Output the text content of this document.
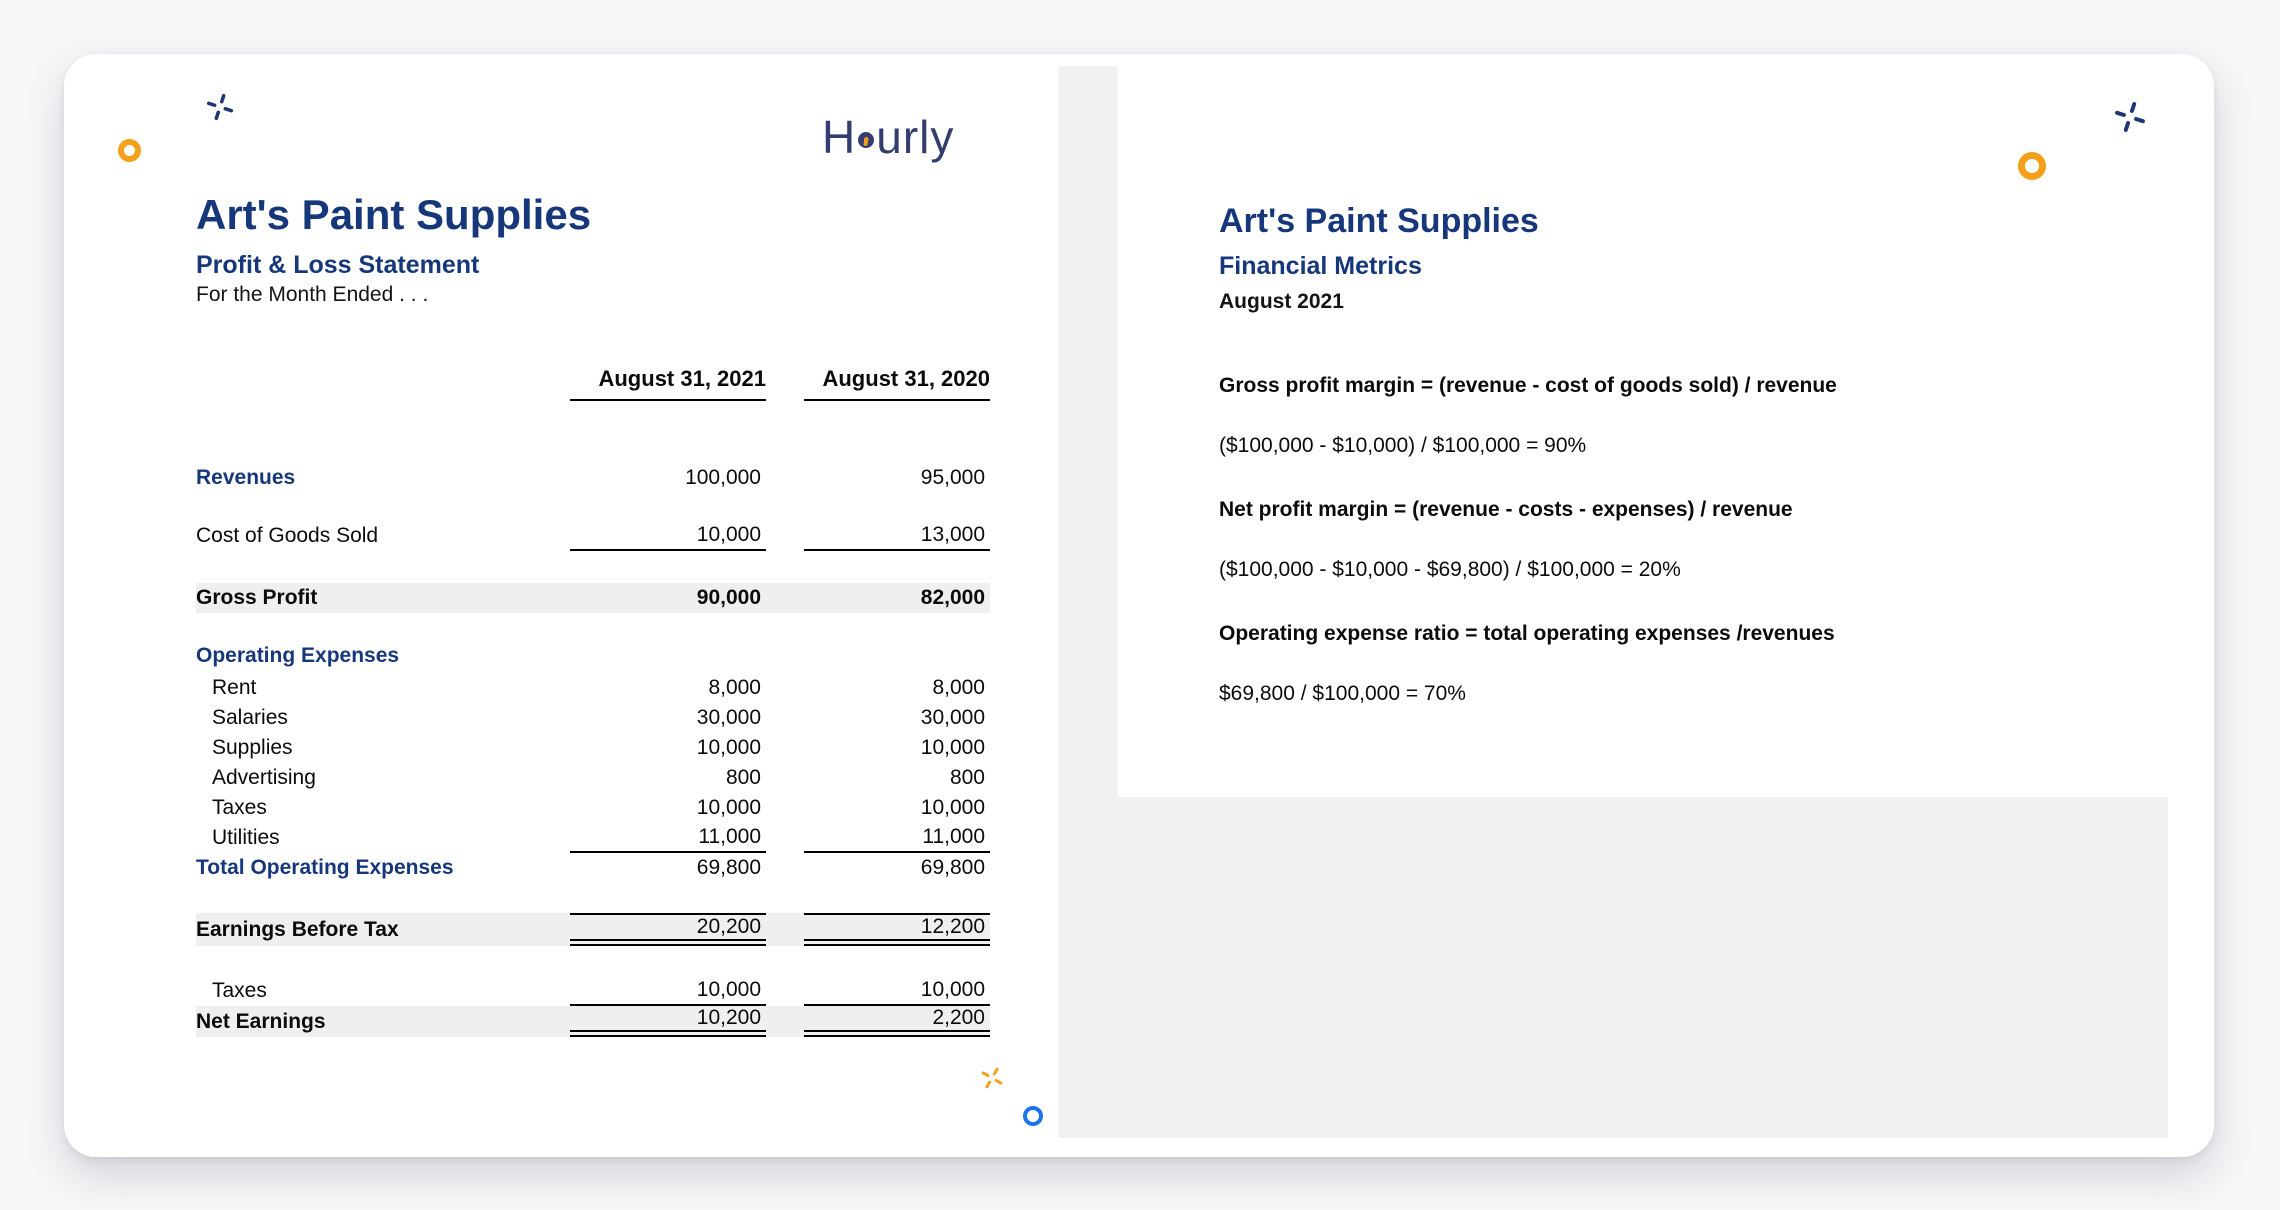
H urly
Art's Paint Supplies
Profit & Loss Statement
For the Month Ended . . .
August 31, 2021	August 31, 2020
Revenues	100,000	95,000
Cost of Goods Sold	10,000	13,000
Gross Profit	90,000	82,000
Operating Expenses
Rent	8,000	8,000
Salaries	30,000	30,000
Supplies	10,000	10,000
Advertising	800	800
Taxes	10,000	10,000
Utilities	11,000	11,000
Total Operating Expenses	69,800	69,800
Earnings Before Tax	20,200	12,200
Taxes	10,000	10,000
Net Earnings	10,200	2,200
Art's Paint Supplies
Financial Metrics
August 2021

Gross profit margin = (revenue - cost of goods sold) / revenue

($100,000 - $10,000) / $100,000 = 90%

Net profit margin = (revenue - costs - expenses) / revenue

($100,000 - $10,000 - $69,800) / $100,000 = 20%

Operating expense ratio = total operating expenses /revenues

$69,800 / $100,000 = 70%
